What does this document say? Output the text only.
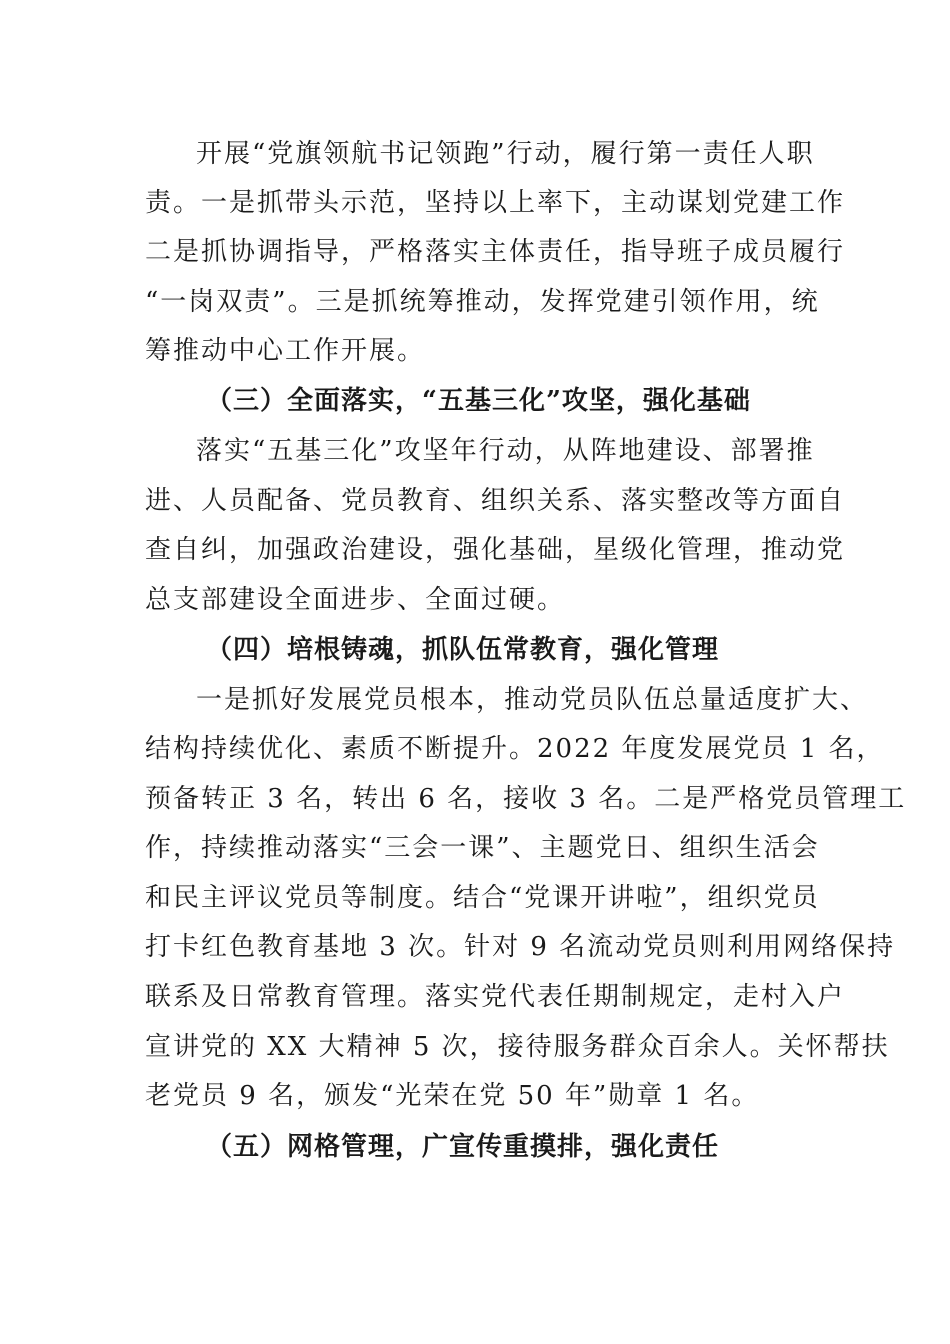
开展“党旗领航书记领跑”行动，履行第一责任人职
责。一是抓带头示范，坚持以上率下，主动谋划党建工作
二是抓协调指导，严格落实主体责任，指导班子成员履行
“一岗双责”。三是抓统筹推动，发挥党建引领作用，统
筹推动中心工作开展。
（三）全面落实，“五基三化”攻坚，强化基础
落实“五基三化”攻坚年行动，从阵地建设、部署推
进、人员配备、党员教育、组织关系、落实整改等方面自
查自纠，加强政治建设，强化基础，星级化管理，推动党
总支部建设全面进步、全面过硬。
（四）培根铸魂，抓队伍常教育，强化管理
一是抓好发展党员根本，推动党员队伍总量适度扩大、
结构持续优化、素质不断提升。2022 年度发展党员 1 名，
预备转正 3 名，转出 6 名，接收 3 名。二是严格党员管理工
作，持续推动落实“三会一课”、主题党日、组织生活会
和民主评议党员等制度。结合“党课开讲啦”，组织党员
打卡红色教育基地 3 次。针对 9 名流动党员则利用网络保持
联系及日常教育管理。落实党代表任期制规定，走村入户
宣讲党的 XX 大精神 5 次，接待服务群众百余人。关怀帮扶
老党员 9 名，颁发“光荣在党 50 年”勋章 1 名。
（五）网格管理，广宣传重摸排，强化责任
